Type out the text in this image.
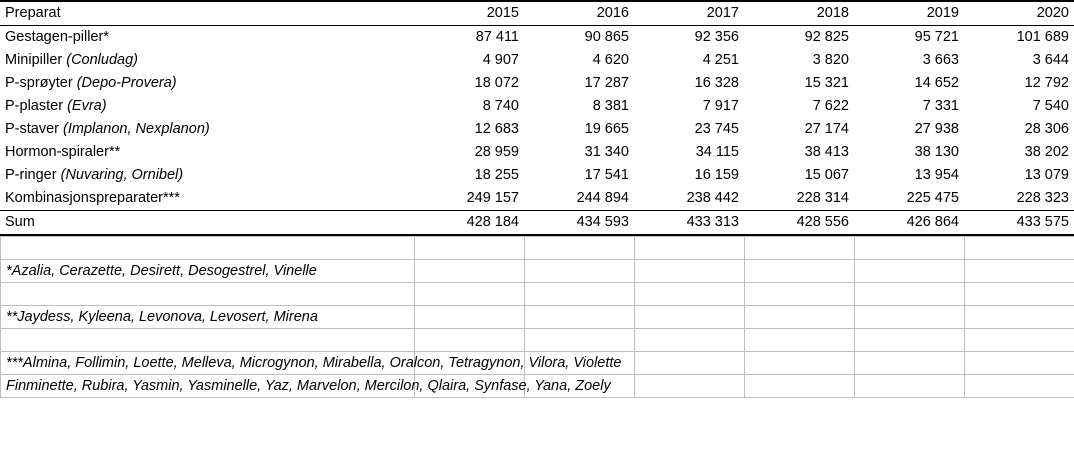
Preparat	2015	2016	2017	2018	2019	2020
Gestagen-piller*	87 411	90 865	92 356	92 825	95 721	101 689
Minipiller (Conludag)	4 907	4 620	4 251	3 820	3 663	3 644
P-sprøyter (Depo-Provera)	18 072	17 287	16 328	15 321	14 652	12 792
P-plaster (Evra)	8 740	8 381	7 917	7 622	7 331	7 540
P-staver (Implanon, Nexplanon)	12 683	19 665	23 745	27 174	27 938	28 306
Hormon-spiraler**	28 959	31 340	34 115	38 413	38 130	38 202
P-ringer (Nuvaring, Ornibel)	18 255	17 541	16 159	15 067	13 954	13 079
Kombinasjonspreparater***	249 157	244 894	238 442	228 314	225 475	228 323
Sum	428 184	434 593	433 313	428 556	426 864	433 575

*Azalia, Cerazette, Desirett, Desogestrel, Vinelle						

**Jaydess, Kyleena, Levonova, Levosert, Mirena						

***Almina, Follimin, Loette, Melleva, Microgynon, Mirabella, Oralcon, Tetragynon, Vilora, Violette						

Finminette, Rubira, Yasmin, Yasminelle, Yaz, Marvelon, Mercilon, Qlaira, Synfase, Yana, Zoely						
